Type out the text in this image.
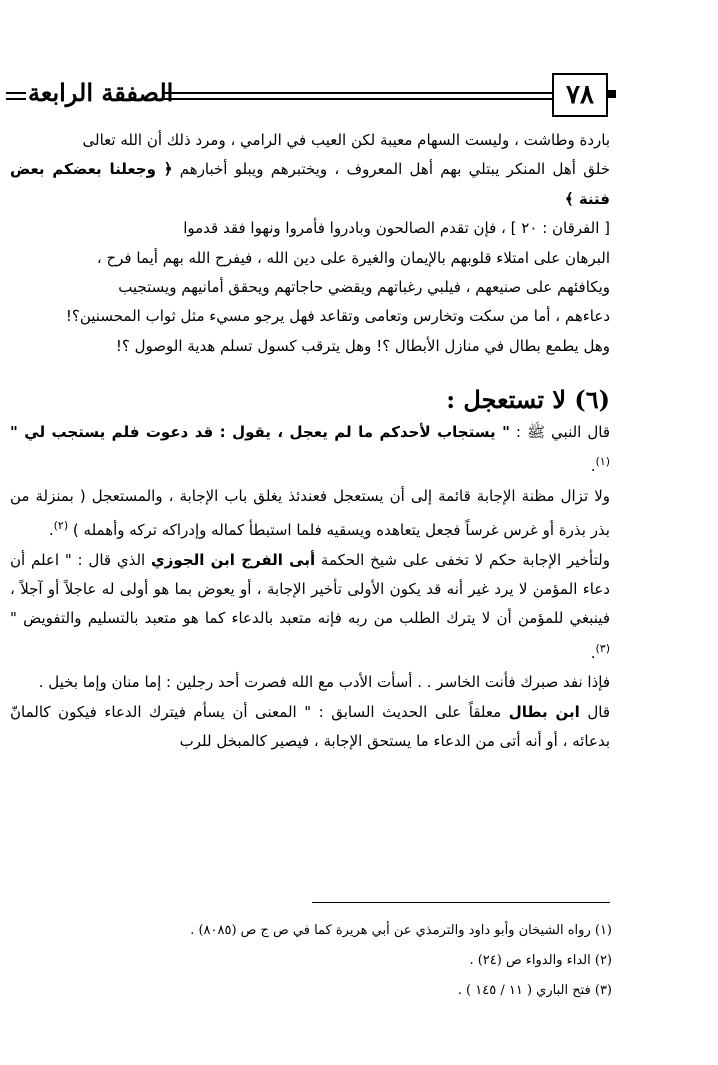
الصفقة الرابعة	٧٨

باردة وطاشت ، وليست السهام معيبة لكن العيب في الرامي ، ومرد ذلك أن الله تعالى

خلق أهل المنكر يبتلي بهم أهل المعروف ، ويختبرهم ويبلو أخبارهم ﴿ وجعلنا بعضكم بعض فتنة ﴾

[ الفرقان : ٢٠ ] ، فإن تقدم الصالحون وبادروا فأمروا ونهوا فقد قدموا

البرهان على امتلاء قلوبهم بالإيمان والغيرة على دين الله ، فيفرح الله بهم أيما فرح ،

ويكافئهم على صنيعهم ، فيلبي رغباتهم ويقضي حاجاتهم ويحقق أمانيهم ويستجيب

دعاءهم ، أما من سكت وتخارس وتعامى وتقاعد فهل يرجو مسيء مثل ثواب المحسنين؟!

وهل يطمع بطال في منازل الأبطال ؟! وهل يترقب كسول تسلم هدية الوصول ؟!

(٦) لا تستعجل :

قال النبي ﷺ : " يستجاب لأحدكم ما لم يعجل ، يقول : قد دعوت فلم يستجب لي " $^{(١)}$.

ولا تزال مظنة الإجابة قائمة إلى أن يستعجل فعندئذ يغلق باب الإجابة ، والمستعجل ( بمنزلة من بذر بذرة أو غرس غرساً فجعل يتعاهده ويسقيه فلما استبطأ كماله وإدراكه تركه وأهمله ) $^{(٢)}$.

ولتأخير الإجابة حكم لا تخفى على شيخ الحكمة أبى الفرج ابن الجوزي الذي قال : " اعلم أن دعاء المؤمن لا يرد غير أنه قد يكون الأولى تأخير الإجابة ، أو يعوض بما هو أولى له عاجلاً أو آجلاً ، فينبغي للمؤمن أن لا يترك الطلب من ربه فإنه متعبد بالدعاء كما هو متعبد بالتسليم والتفويض " $^{(٣)}$.

فإذا نفد صبرك فأنت الخاسر . . أسأت الأدب مع الله فصرت أحد رجلين : إما منان وإما بخيل .

قال ابن بطال معلقاً على الحديث السابق : " المعنى أن يسأم فيترك الدعاء فيكون كالمانّ بدعائه ، أو أنه أتى من الدعاء ما يستحق الإجابة ، فيصير كالمبخل للرب

(١) رواه الشيخان وأبو داود والترمذي عن أبي هريرة كما في ص ج ص (٨٠٨٥) .
(٢) الداء والدواء ص (٢٤) .
(٣) فتح الباري ( ١١ / ١٤٥ ) .
